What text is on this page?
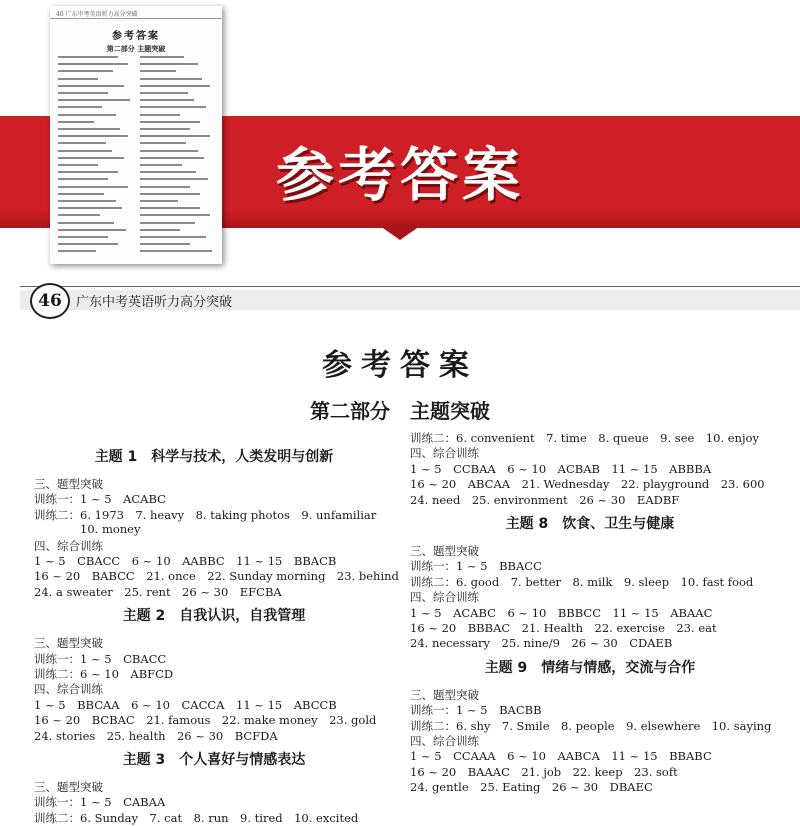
参考答案
46 广东中考英语听力高分突破
参考答案
第二部分 主题突破
46	广东中考英语听力高分突破
参考答案
第二部分　主题突破
主题 1　科学与技术，人类发明与创新
三、题型突破
训练一：1 ~ 5　ACABC
训练二：6. 1973　7. heavy　8. taking photos　9. unfamiliar
10. money
四、综合训练
1 ~ 5　CBACC　6 ~ 10　AABBC　11 ~ 15　BBACB
16 ~ 20　BABCC　21. once　22. Sunday morning　23. behind
24. a sweater　25. rent　26 ~ 30　EFCBA
主题 2　自我认识，自我管理
三、题型突破
训练一：1 ~ 5　CBACC
训练二：6 ~ 10　ABFCD
四、综合训练
1 ~ 5　BBCAA　6 ~ 10　CACCA　11 ~ 15　ABCCB
16 ~ 20　BCBAC　21. famous　22. make money　23. gold
24. stories　25. health　26 ~ 30　BCFDA
主题 3　个人喜好与情感表达
三、题型突破
训练一：1 ~ 5　CABAA
训练二：6. Sunday　7. cat　8. run　9. tired　10. excited
训练二：6. convenient　7. time　8. queue　9. see　10. enjoy
四、综合训练
1 ~ 5　CCBAA　6 ~ 10　ACBAB　11 ~ 15　ABBBA
16 ~ 20　ABCAA　21. Wednesday　22. playground　23. 600
24. need　25. environment　26 ~ 30　EADBF
主题 8　饮食、卫生与健康
三、题型突破
训练一：1 ~ 5　BBACC
训练二：6. good　7. better　8. milk　9. sleep　10. fast food
四、综合训练
1 ~ 5　ACABC　6 ~ 10　BBBCC　11 ~ 15　ABAAC
16 ~ 20　BBBAC　21. Health　22. exercise　23. eat
24. necessary　25. nine/9　26 ~ 30　CDAEB
主题 9　情绪与情感，交流与合作
三、题型突破
训练一：1 ~ 5　BACBB
训练二：6. shy　7. Smile　8. people　9. elsewhere　10. saying
四、综合训练
1 ~ 5　CCAAA　6 ~ 10　AABCA　11 ~ 15　BBABC
16 ~ 20　BAAAC　21. job　22. keep　23. soft
24. gentle　25. Eating　26 ~ 30　DBAEC
